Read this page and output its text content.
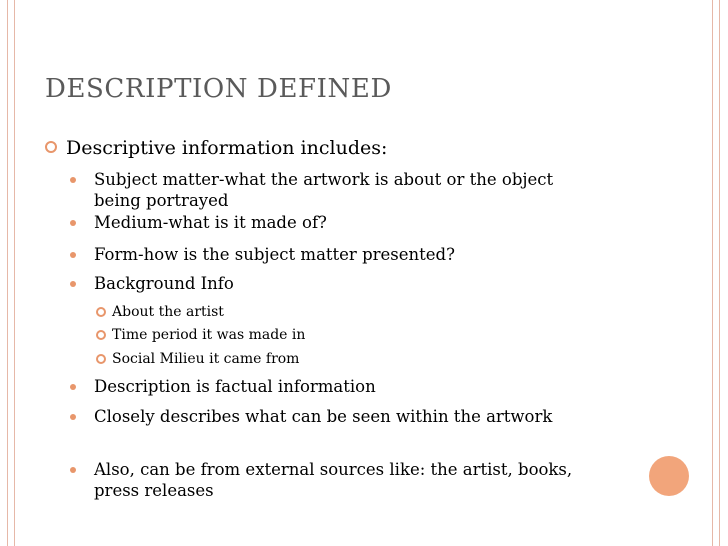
DESCRIPTION DEFINED
Descriptive information includes:
Subject matter-what the artwork is about or the object being portrayed
Medium-what is it made of?
Form-how is the subject matter presented?
Background Info
About the artist
Time period it was made in
Social Milieu it came from
Description is factual information
Closely describes what can be seen within the artwork
Also, can be from external sources like: the artist, books, press releases
